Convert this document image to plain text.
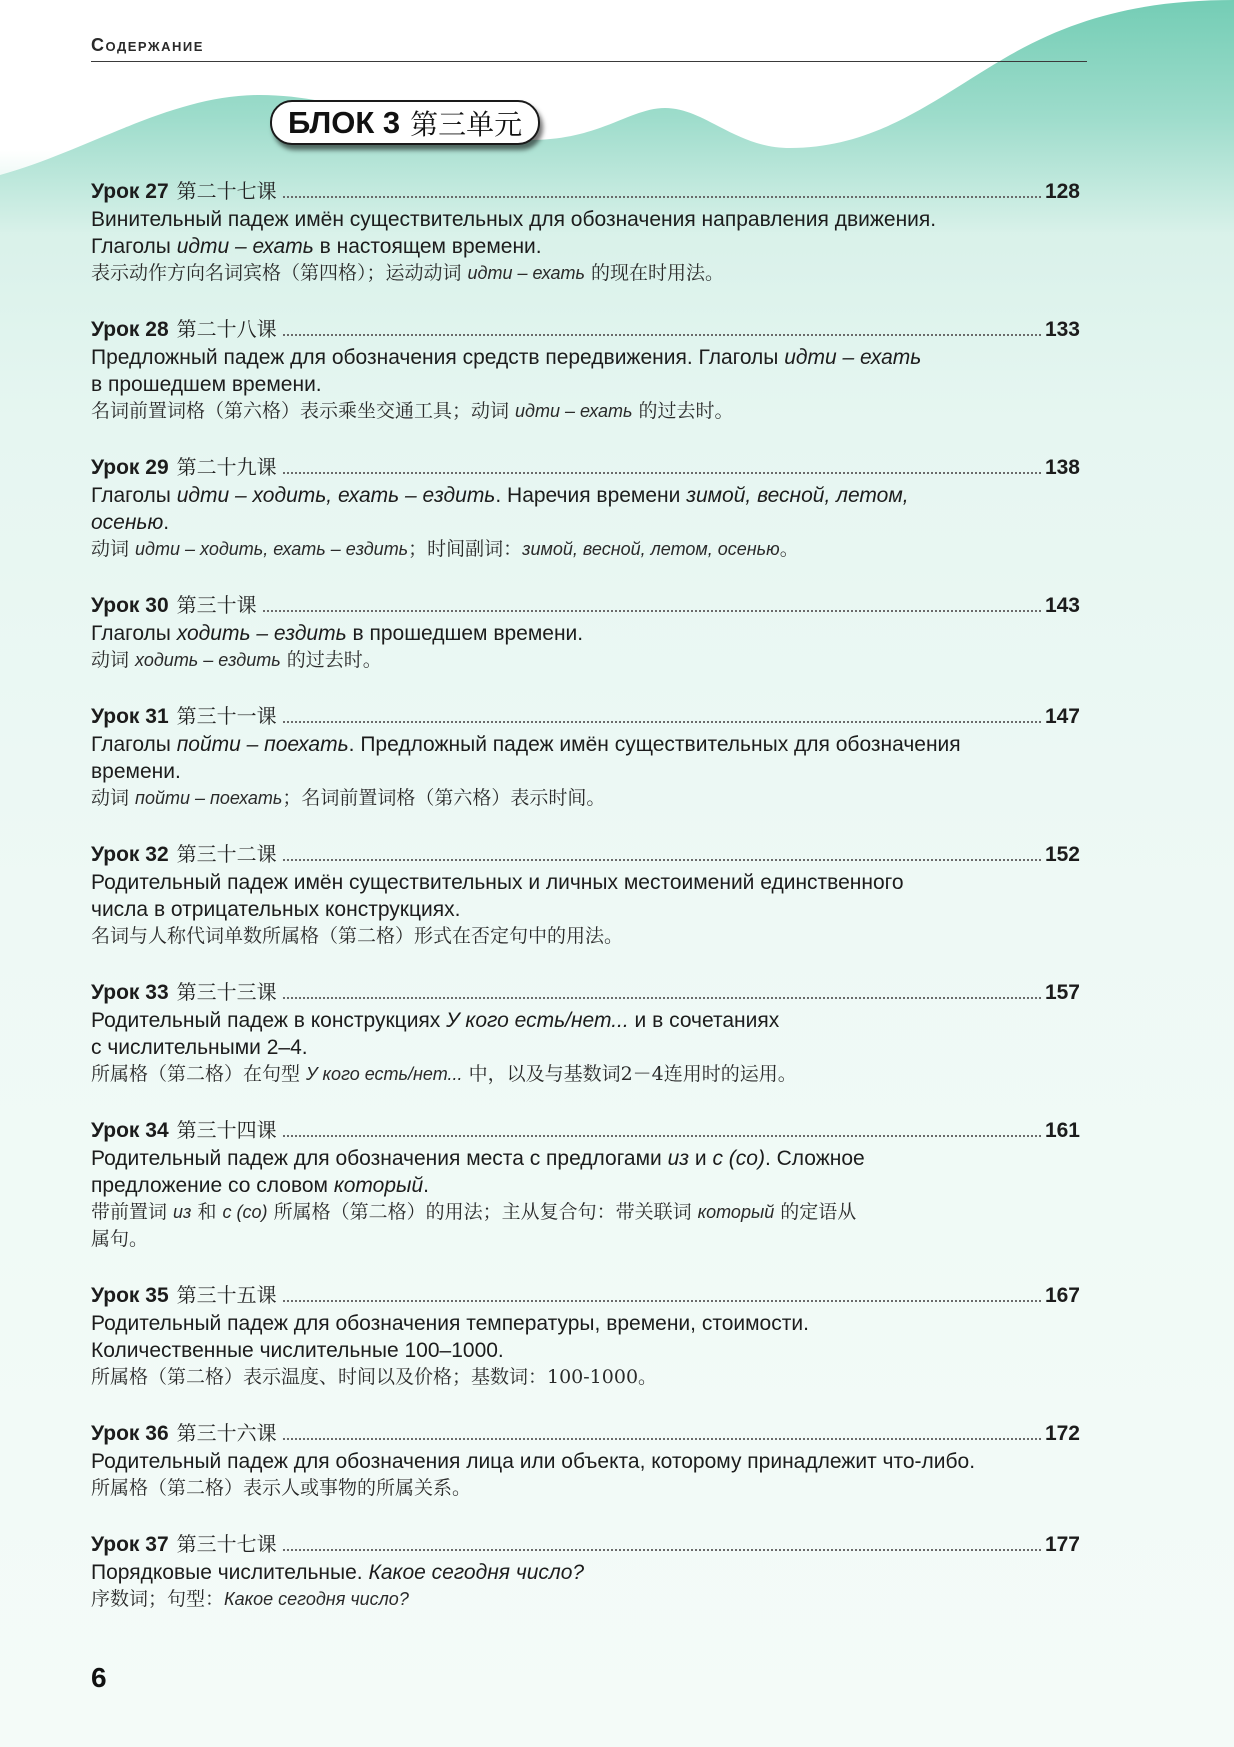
Содержание
БЛОК 3 第三单元
Урок 27 第二十七课	128
Винительный падеж имён существительных для обозначения направления движения.
Глаголы идти – ехать в настоящем времени.
表示动作方向名词宾格（第四格）；运动动词 идти – ехать 的现在时用法。
Урок 28 第二十八课	133
Предложный падеж для обозначения средств передвижения. Глаголы идти – ехать
в прошедшем времени.
名词前置词格（第六格）表示乘坐交通工具；动词 идти – ехать 的过去时。
Урок 29 第二十九课	138
Глаголы идти – ходить, ехать – ездить. Наречия времени зимой, весной, летом,
осенью.
动词 идти – ходить, ехать – ездить；时间副词：зимой, весной, летом, осенью。
Урок 30 第三十课	143
Глаголы ходить – ездить в прошедшем времени.
动词 ходить – ездить 的过去时。
Урок 31 第三十一课	147
Глаголы пойти – поехать. Предложный падеж имён существительных для обозначения
времени.
动词 пойти – поехать；名词前置词格（第六格）表示时间。
Урок 32 第三十二课	152
Родительный падеж имён существительных и личных местоимений единственного
числа в отрицательных конструкциях.
名词与人称代词单数所属格（第二格）形式在否定句中的用法。
Урок 33 第三十三课	157
Родительный падеж в конструкциях У кого есть/нет... и в сочетаниях
с числительными 2–4.
所属格（第二格）在句型 У кого есть/нет... 中，以及与基数词2－4连用时的运用。
Урок 34 第三十四课	161
Родительный падеж для обозначения места с предлогами из и с (со). Сложное
предложение со словом который.
带前置词 из 和 с (со) 所属格（第二格）的用法；主从复合句：带关联词 который 的定语从
属句。
Урок 35 第三十五课	167
Родительный падеж для обозначения температуры, времени, стоимости.
Количественные числительные 100–1000.
所属格（第二格）表示温度、时间以及价格；基数词：100-1000。
Урок 36 第三十六课	172
Родительный падеж для обозначения лица или объекта, которому принадлежит что-либо.
所属格（第二格）表示人或事物的所属关系。
Урок 37 第三十七课	177
Порядковые числительные. Какое сегодня число?
序数词；句型：Какое сегодня число?
6
